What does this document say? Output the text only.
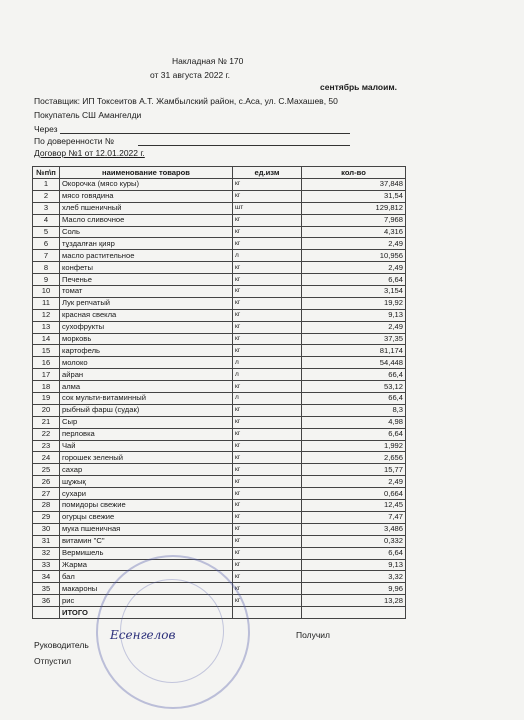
Накладная № 170
от 31 августа 2022 г.
сентябрь малоим.
Поставщик: ИП Токсеитов А.Т. Жамбылский район, с.Аса, ул. С.Махашев, 50
Покупатель СШ Амангелди
Через
По доверенности №
Договор №1 от 12.01.2022 г.
№п\п	наименование товаров	ед.изм	кол-во
1	Окорочка (мясо куры)	кг	37,848
2	мясо говядина	кг	31,54
3	хлеб пшеничный	шт	129,812
4	Масло сливочное	кг	7,968
5	Соль	кг	4,316
6	тұздалған қияр	кг	2,49
7	масло растительное	л	10,956
8	конфеты	кг	2,49
9	Печенье	кг	6,64
10	томат	кг	3,154
11	Лук репчатый	кг	19,92
12	красная свекла	кг	9,13
13	сухофрукты	кг	2,49
14	морковь	кг	37,35
15	картофель	кг	81,174
16	молоко	л	54,448
17	айран	л	66,4
18	алма	кг	53,12
19	сок мульти-витаминный	л	66,4
20	рыбный фарш (судак)	кг	8,3
21	Сыр	кг	4,98
22	перловка	кг	6,64
23	Чай	кг	1,992
24	горошек зеленый	кг	2,656
25	сахар	кг	15,77
26	шұжық	кг	2,49
27	сухари	кг	0,664
28	помидоры свежие	кг	12,45
29	огурцы свежие	кг	7,47
30	мука пшеничная	кг	3,486
31	витамин "С"	кг	0,332
32	Вермишель	кг	6,64
33	Жарма	кг	9,13
34	бал	кг	3,32
35	макароны	кг	9,96
36	рис	кг	13,28
	ИТОГО		
Есенгелов
Руководитель
Получил
Отпустил
